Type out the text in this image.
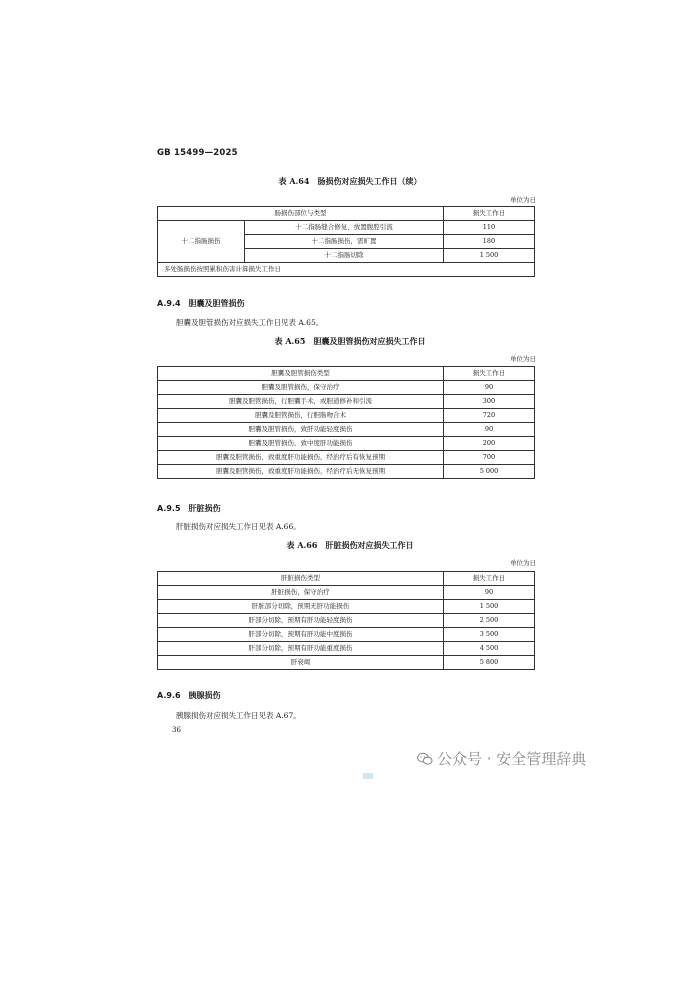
GB 15499—2025
表 A.64　肠损伤对应损失工作日（续）
单位为日
肠损伤部位与类型		损失工作日
十二指肠损伤	十二指肠缝合修复、放置腹腔引流	110
	十二指肠损伤，需旷置	180
	十二指肠切除	1 500
多处肠损伤按照累积伤害计算损失工作日		
A.9.4　胆囊及胆管损伤
胆囊及胆管损伤对应损失工作日见表 A.65。
表 A.65　胆囊及胆管损伤对应损失工作日
单位为日
胆囊及胆管损伤类型	损失工作日
胆囊及胆管损伤，保守治疗	90
胆囊及胆管损伤，行胆囊手术，或胆道修补和引流	300
胆囊及胆管损伤，行胆肠吻合术	720
胆囊及胆管损伤，致肝功能轻度损伤	90
胆囊及胆管损伤，致中度肝功能损伤	200
胆囊及胆管损伤，致重度肝功能损伤，经治疗后有恢复预期	700
胆囊及胆管损伤，致重度肝功能损伤，经治疗后无恢复预期	5 000
A.9.5　肝脏损伤
肝脏损伤对应损失工作日见表 A.66。
表 A.66　肝脏损伤对应损失工作日
单位为日
肝脏损伤类型	损失工作日
肝脏损伤，保守治疗	90
肝脏部分切除，预期无肝功能损伤	1 500
肝部分切除，预期有肝功能轻度损伤	2 500
肝部分切除，预期有肝功能中度损伤	3 500
肝部分切除，预期有肝功能重度损伤	4 500
肝衰竭	5 800
A.9.6　胰腺损伤
胰腺损伤对应损失工作日见表 A.67。
36
公众号 · 安全管理辞典
